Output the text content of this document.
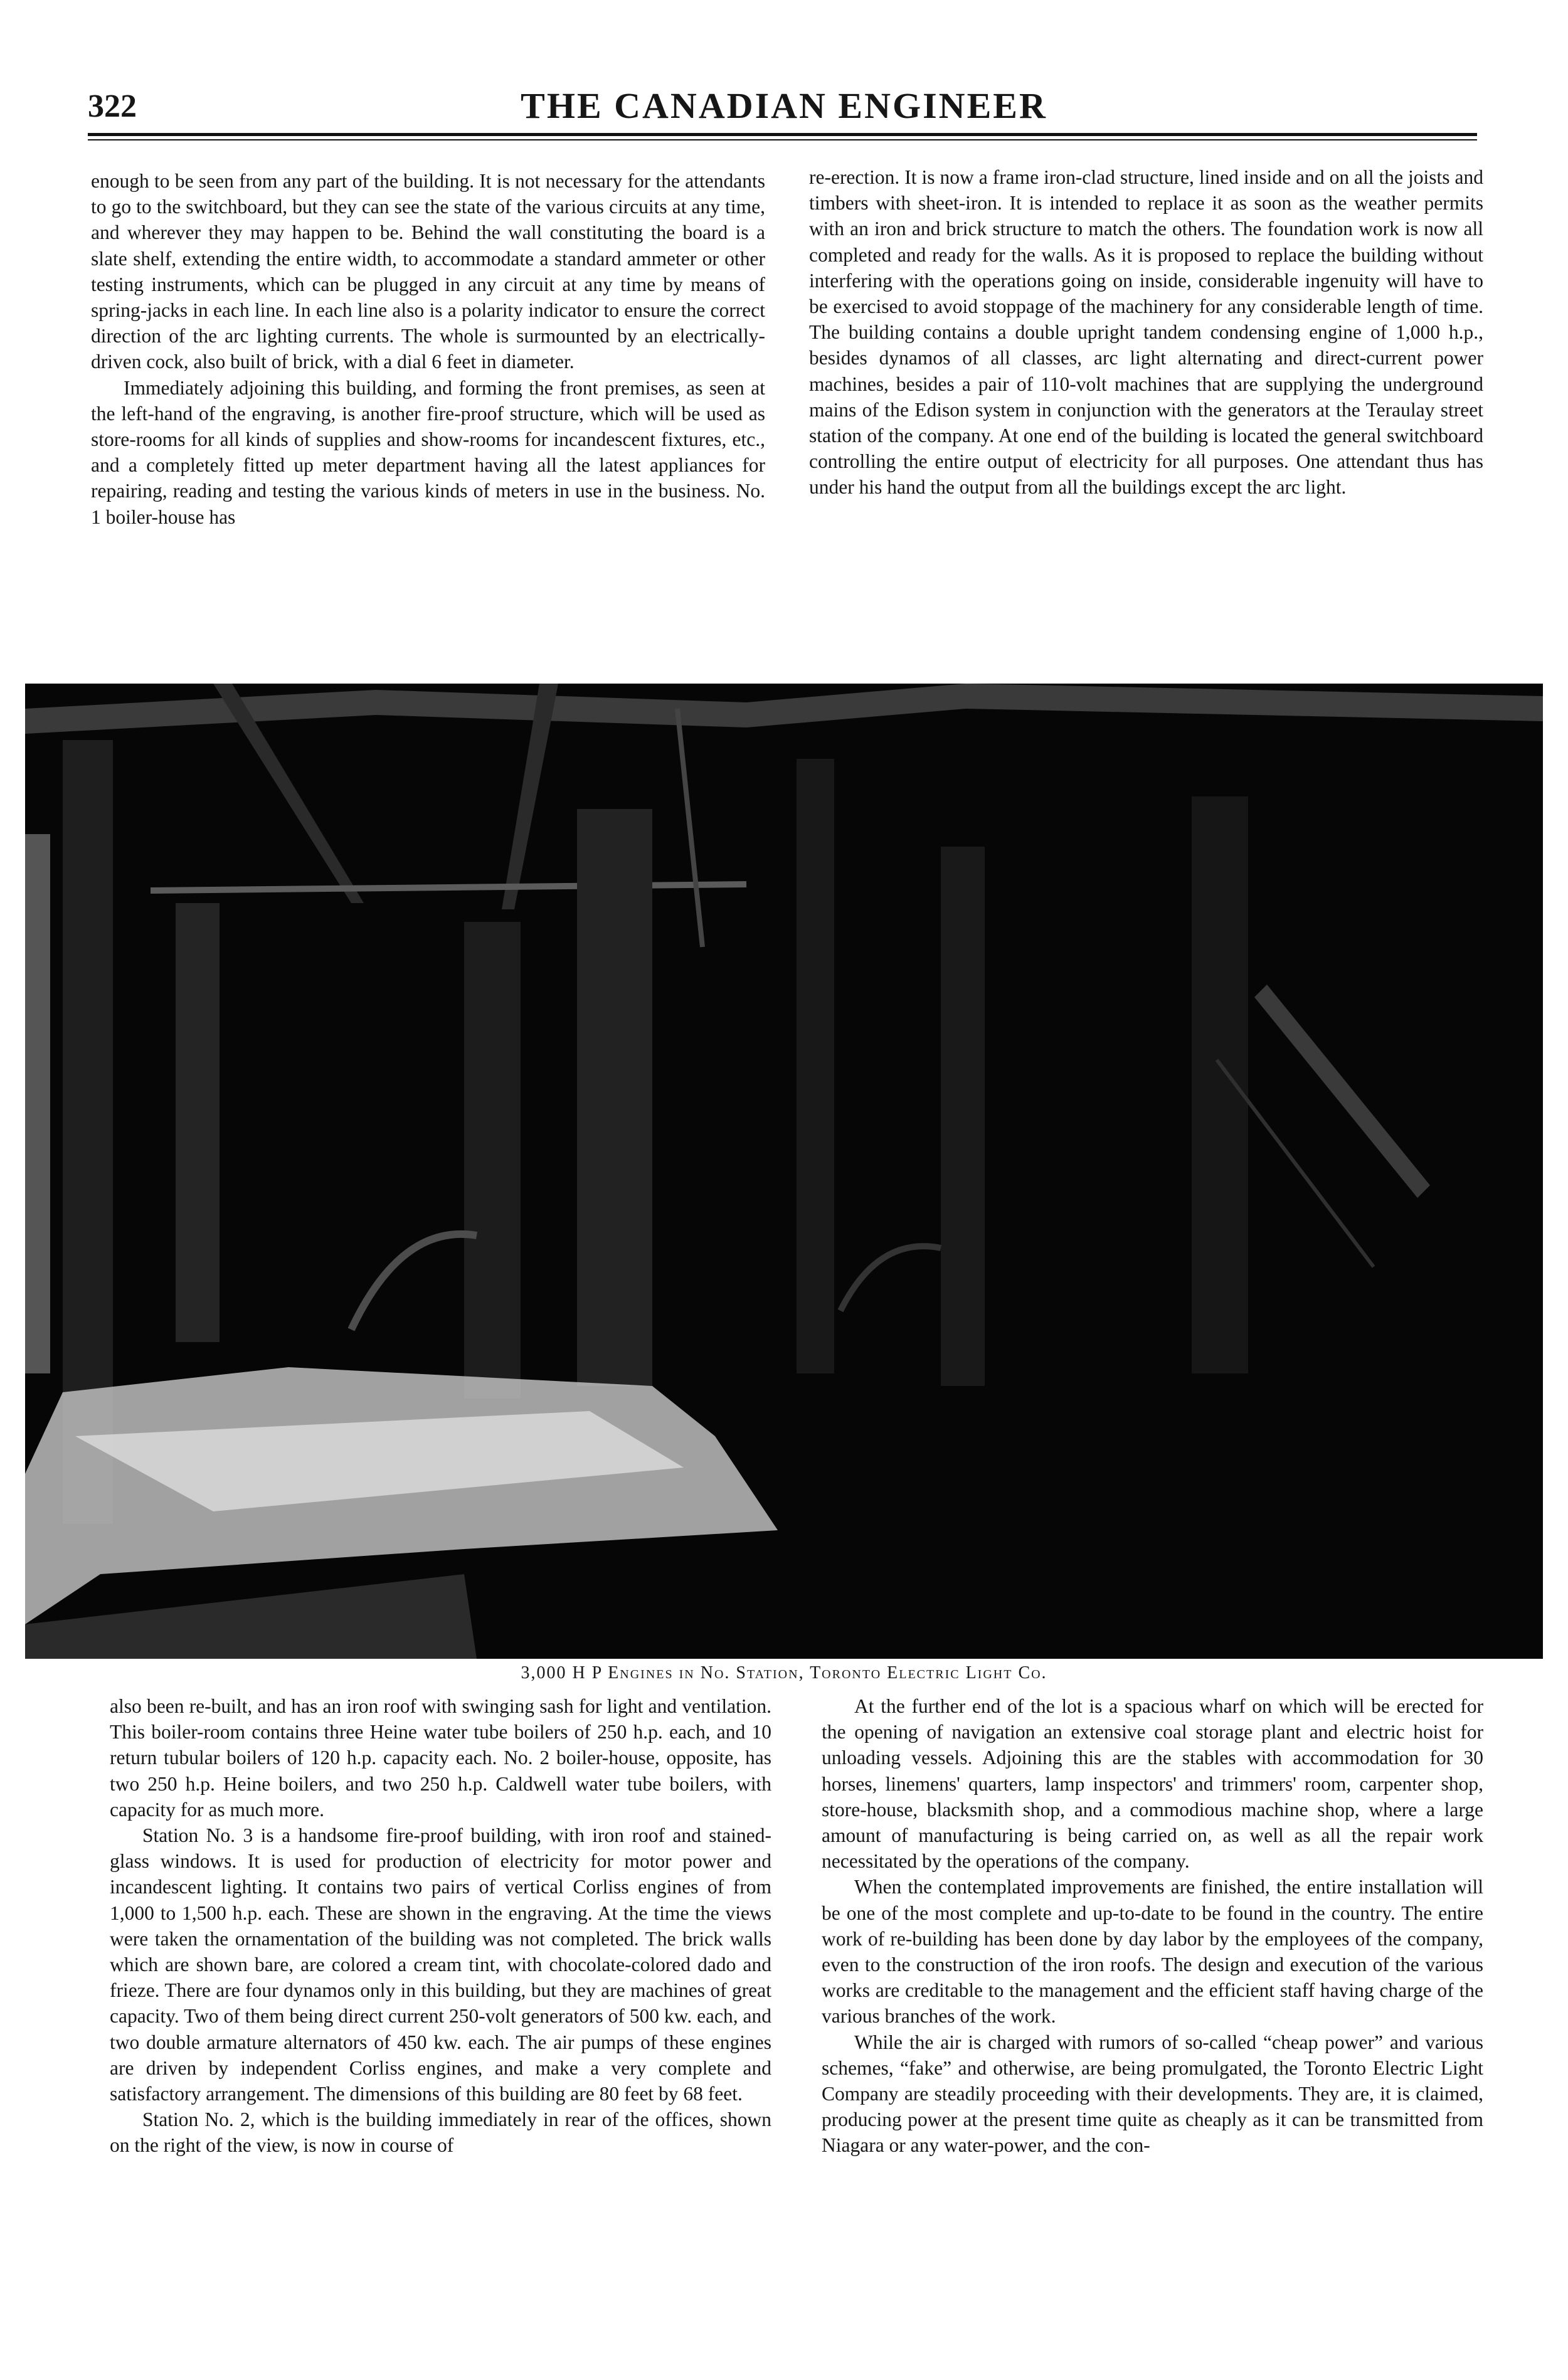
322	THE CANADIAN ENGINEER

enough to be seen from any part of the building. It is not necessary for the attendants to go to the switchboard, but they can see the state of the various circuits at any time, and wherever they may happen to be. Behind the wall constituting the board is a slate shelf, extending the entire width, to accommodate a standard ammeter or other testing instruments, which can be plugged in any circuit at any time by means of spring-jacks in each line. In each line also is a polarity indicator to ensure the correct direction of the arc lighting currents. The whole is surmounted by an electrically-driven cock, also built of brick, with a dial 6 feet in diameter.

Immediately adjoining this building, and forming the front premises, as seen at the left-hand of the engraving, is another fire-proof structure, which will be used as store-rooms for all kinds of supplies and show-rooms for incandescent fixtures, etc., and a completely fitted up meter department having all the latest appliances for repairing, reading and testing the various kinds of meters in use in the business. No. 1 boiler-house has

re-erection. It is now a frame iron-clad structure, lined inside and on all the joists and timbers with sheet-iron. It is intended to replace it as soon as the weather permits with an iron and brick structure to match the others. The foundation work is now all completed and ready for the walls. As it is proposed to replace the building without interfering with the operations going on inside, considerable ingenuity will have to be exercised to avoid stoppage of the machinery for any considerable length of time. The building contains a double upright tandem condensing engine of 1,000 h.p., besides dynamos of all classes, arc light alternating and direct-current power machines, besides a pair of 110-volt machines that are supplying the underground mains of the Edison system in conjunction with the generators at the Teraulay street station of the company. At one end of the building is located the general switchboard controlling the entire output of electricity for all purposes. One attendant thus has under his hand the output from all the buildings except the arc light.

3,000 H P Engines in No. Station, Toronto Electric Light Co.

also been re-built, and has an iron roof with swinging sash for light and ventilation. This boiler-room contains three Heine water tube boilers of 250 h.p. each, and 10 return tubular boilers of 120 h.p. capacity each. No. 2 boiler-house, opposite, has two 250 h.p. Heine boilers, and two 250 h.p. Caldwell water tube boilers, with capacity for as much more.

Station No. 3 is a handsome fire-proof building, with iron roof and stained-glass windows. It is used for production of electricity for motor power and incandescent lighting. It contains two pairs of vertical Corliss engines of from 1,000 to 1,500 h.p. each. These are shown in the engraving. At the time the views were taken the ornamentation of the building was not completed. The brick walls which are shown bare, are colored a cream tint, with chocolate-colored dado and frieze. There are four dynamos only in this building, but they are machines of great capacity. Two of them being direct current 250-volt generators of 500 kw. each, and two double armature alternators of 450 kw. each. The air pumps of these engines are driven by independent Corliss engines, and make a very complete and satisfactory arrangement. The dimensions of this building are 80 feet by 68 feet.

Station No. 2, which is the building immediately in rear of the offices, shown on the right of the view, is now in course of

At the further end of the lot is a spacious wharf on which will be erected for the opening of navigation an extensive coal storage plant and electric hoist for unloading vessels. Adjoining this are the stables with accommodation for 30 horses, linemens' quarters, lamp inspectors' and trimmers' room, carpenter shop, store-house, blacksmith shop, and a commodious machine shop, where a large amount of manufacturing is being carried on, as well as all the repair work necessitated by the operations of the company.

When the contemplated improvements are finished, the entire installation will be one of the most complete and up-to-date to be found in the country. The entire work of re-building has been done by day labor by the employees of the company, even to the construction of the iron roofs. The design and execution of the various works are creditable to the management and the efficient staff having charge of the various branches of the work.

While the air is charged with rumors of so-called “cheap power” and various schemes, “fake” and otherwise, are being promulgated, the Toronto Electric Light Company are steadily proceeding with their developments. They are, it is claimed, producing power at the present time quite as cheaply as it can be transmitted from Niagara or any water-power, and the con-
